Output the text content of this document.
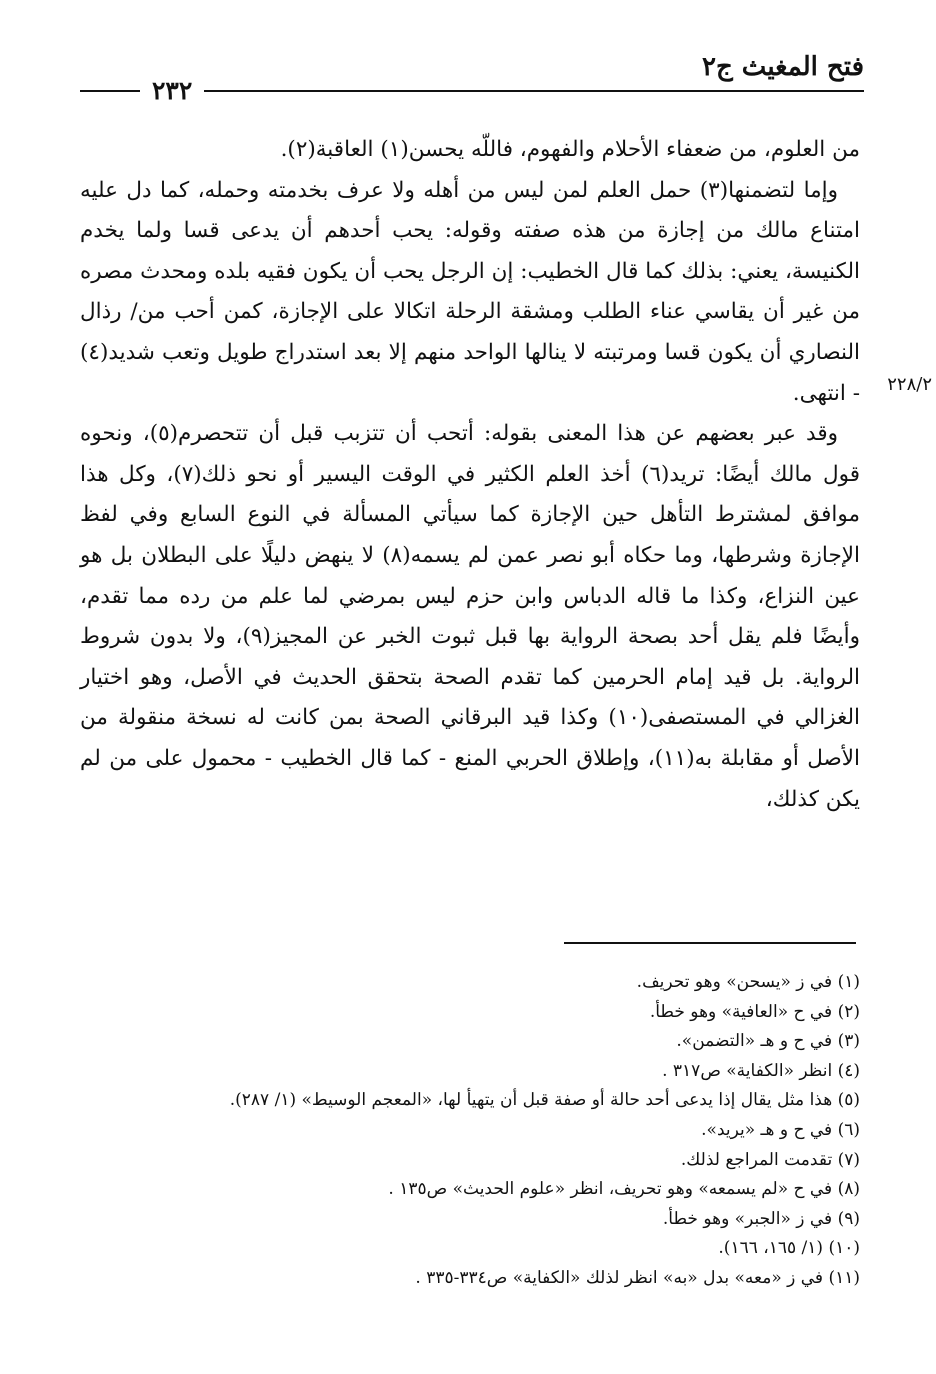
فتح المغيث ج٢
٢٣٢
٢٢٨/٢

من العلوم، من ضعفاء الأحلام والفهوم، فاللّه يحسن(١) العاقبة(٢).

وإما لتضمنها(٣) حمل العلم لمن ليس من أهله ولا عرف بخدمته وحمله، كما دل عليه امتناع مالك من إجازة من هذه صفته وقوله: يحب أحدهم أن يدعى قسا ولما يخدم الكنيسة، يعني: بذلك كما قال الخطيب: إن الرجل يحب أن يكون فقيه بلده ومحدث مصره من غير أن يقاسي عناء الطلب ومشقة الرحلة اتكالا على الإجازة، كمن أحب من/ رذال النصاري أن يكون قسا ومرتبته لا ينالها الواحد منهم إلا بعد استدراج طويل وتعب شديد(٤) - انتهى.

وقد عبر بعضهم عن هذا المعنى بقوله: أتحب أن تتزبب قبل أن تتحصرم(٥)، ونحوه قول مالك أيضًا: تريد(٦) أخذ العلم الكثير في الوقت اليسير أو نحو ذلك(٧)، وكل هذا موافق لمشترط التأهل حين الإجازة كما سيأتي المسألة في النوع السابع وفي لفظ الإجازة وشرطها، وما حكاه أبو نصر عمن لم يسمه(٨) لا ينهض دليلًا على البطلان بل هو عين النزاع، وكذا ما قاله الدباس وابن حزم ليس بمرضي لما علم من رده مما تقدم، وأيضًا فلم يقل أحد بصحة الرواية بها قبل ثبوت الخبر عن المجيز(٩)، ولا بدون شروط الرواية. بل قيد إمام الحرمين كما تقدم الصحة بتحقق الحديث في الأصل، وهو اختيار الغزالي في المستصفى(١٠) وكذا قيد البرقاني الصحة بمن كانت له نسخة منقولة من الأصل أو مقابلة به(١١)، وإطلاق الحربي المنع - كما قال الخطيب - محمول على من لم يكن كذلك،

(١) في ز «يسحن» وهو تحريف.

(٢) في ح «العافية» وهو خطأ.

(٣) في ح و هـ «التضمن».

(٤) انظر «الكفاية» ص٣١٧ .

(٥) هذا مثل يقال إذا يدعى أحد حالة أو صفة قبل أن يتهيأ لها، «المعجم الوسيط» (١/ ٢٨٧).

(٦) في ح و هـ «يريد».

(٧) تقدمت المراجع لذلك.

(٨) في ح «لم يسمعه» وهو تحريف، انظر «علوم الحديث» ص١٣٥ .

(٩) في ز «الجبر» وهو خطأ.

(١٠) (١/ ١٦٥، ١٦٦).

(١١) في ز «معه» بدل «به» انظر لذلك «الكفاية» ص٣٣٤-٣٣٥ .
